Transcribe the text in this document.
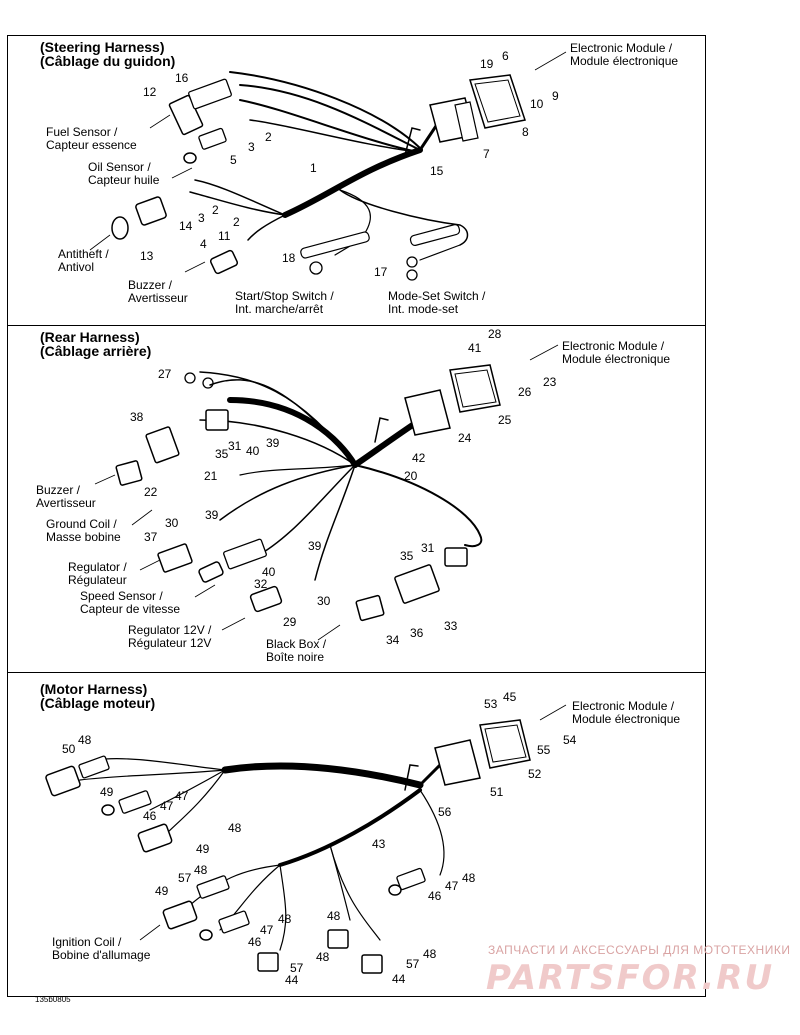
(Steering Harness)
(Câblage du guidon)
(Rear Harness)
(Câblage arrière)
(Motor Harness)
(Câblage moteur)
Electronic Module /
Module électronique
Fuel Sensor /
Capteur essence
Oil Sensor /
Capteur huile
Antitheft /
Antivol
Buzzer /
Avertisseur	Start/Stop Switch /
Int. marche/arrêt
Mode-Set Switch /
Int. mode-set
Electronic Module /
Module électronique
Buzzer /
Avertisseur
Ground Coil /
Masse bobine
Regulator /
Régulateur
Speed Sensor /
Capteur de vitesse
Regulator 12V /
Régulateur 12V	Black Box /
Boîte noire
Electronic Module /
Module électronique
Ignition Coil /
Bobine d'allumage
16
12
6
19
10
9
8
2
3
5	7
15
1
2
3
14
13
2
11
4
18
17
28
41
26
23
27
25
38
31
35 40
39	24
42
20
21
22
39
30
37
40
39
32
30
29
35
31
33
36
34
53 45
55
54
52
48
50
49	47
46
48
47
49
51
56
43
57
48
49
48
47
46
47
48
48
57
44
57
48
46
44
48
ЗАПЧАСТИ И АКСЕССУАРЫ ДЛЯ МОТОТЕХНИКИ
PARTSFOR.RU
135b0805
